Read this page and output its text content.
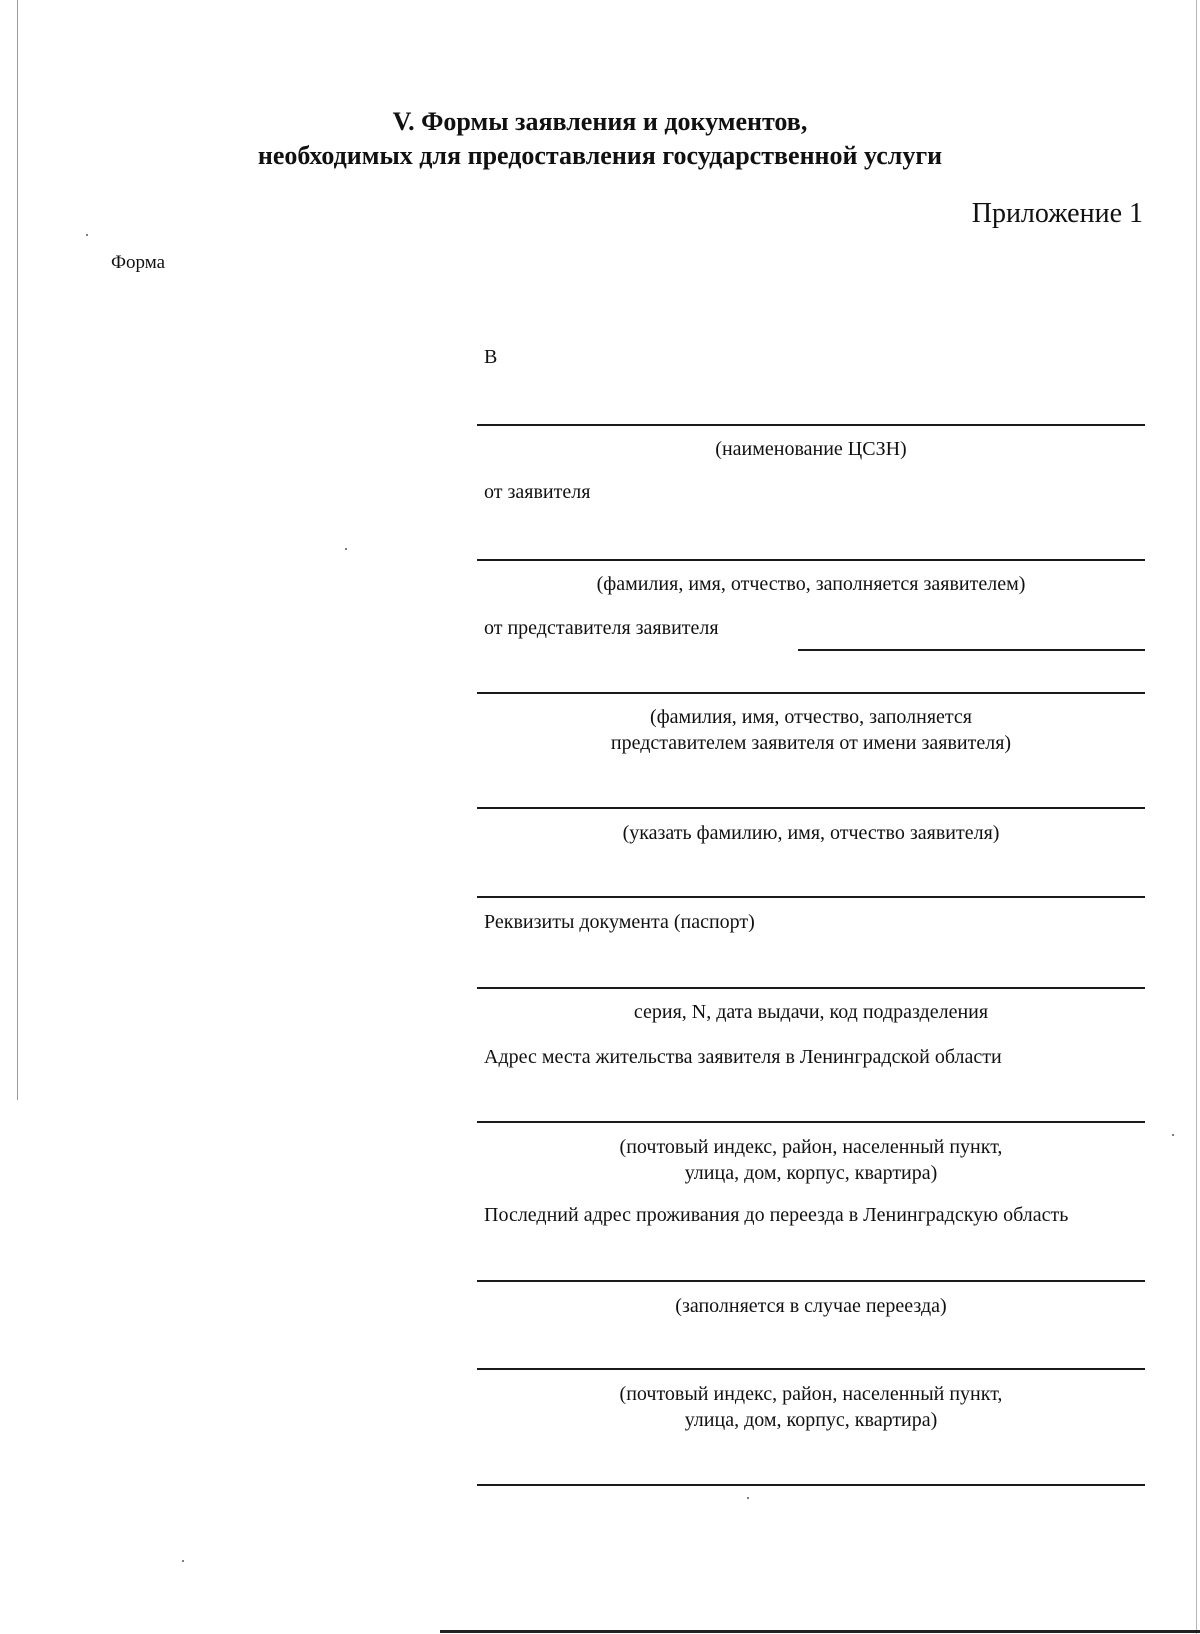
V. Формы заявления и документов,
необходимых для предоставления государственной услуги
Приложение 1
Форма
В
(наименование ЦСЗН)
от заявителя
(фамилия, имя, отчество, заполняется заявителем)
от представителя заявителя
(фамилия, имя, отчество, заполняется
представителем заявителя от имени заявителя)
(указать фамилию, имя, отчество заявителя)
Реквизиты документа (паспорт)
серия, N, дата выдачи, код подразделения
Адрес места жительства заявителя в Ленинградской области
(почтовый индекс, район, населенный пункт,
улица, дом, корпус, квартира)
Последний адрес проживания до переезда в Ленинградскую область
(заполняется в случае переезда)
(почтовый индекс, район, населенный пункт,
улица, дом, корпус, квартира)
